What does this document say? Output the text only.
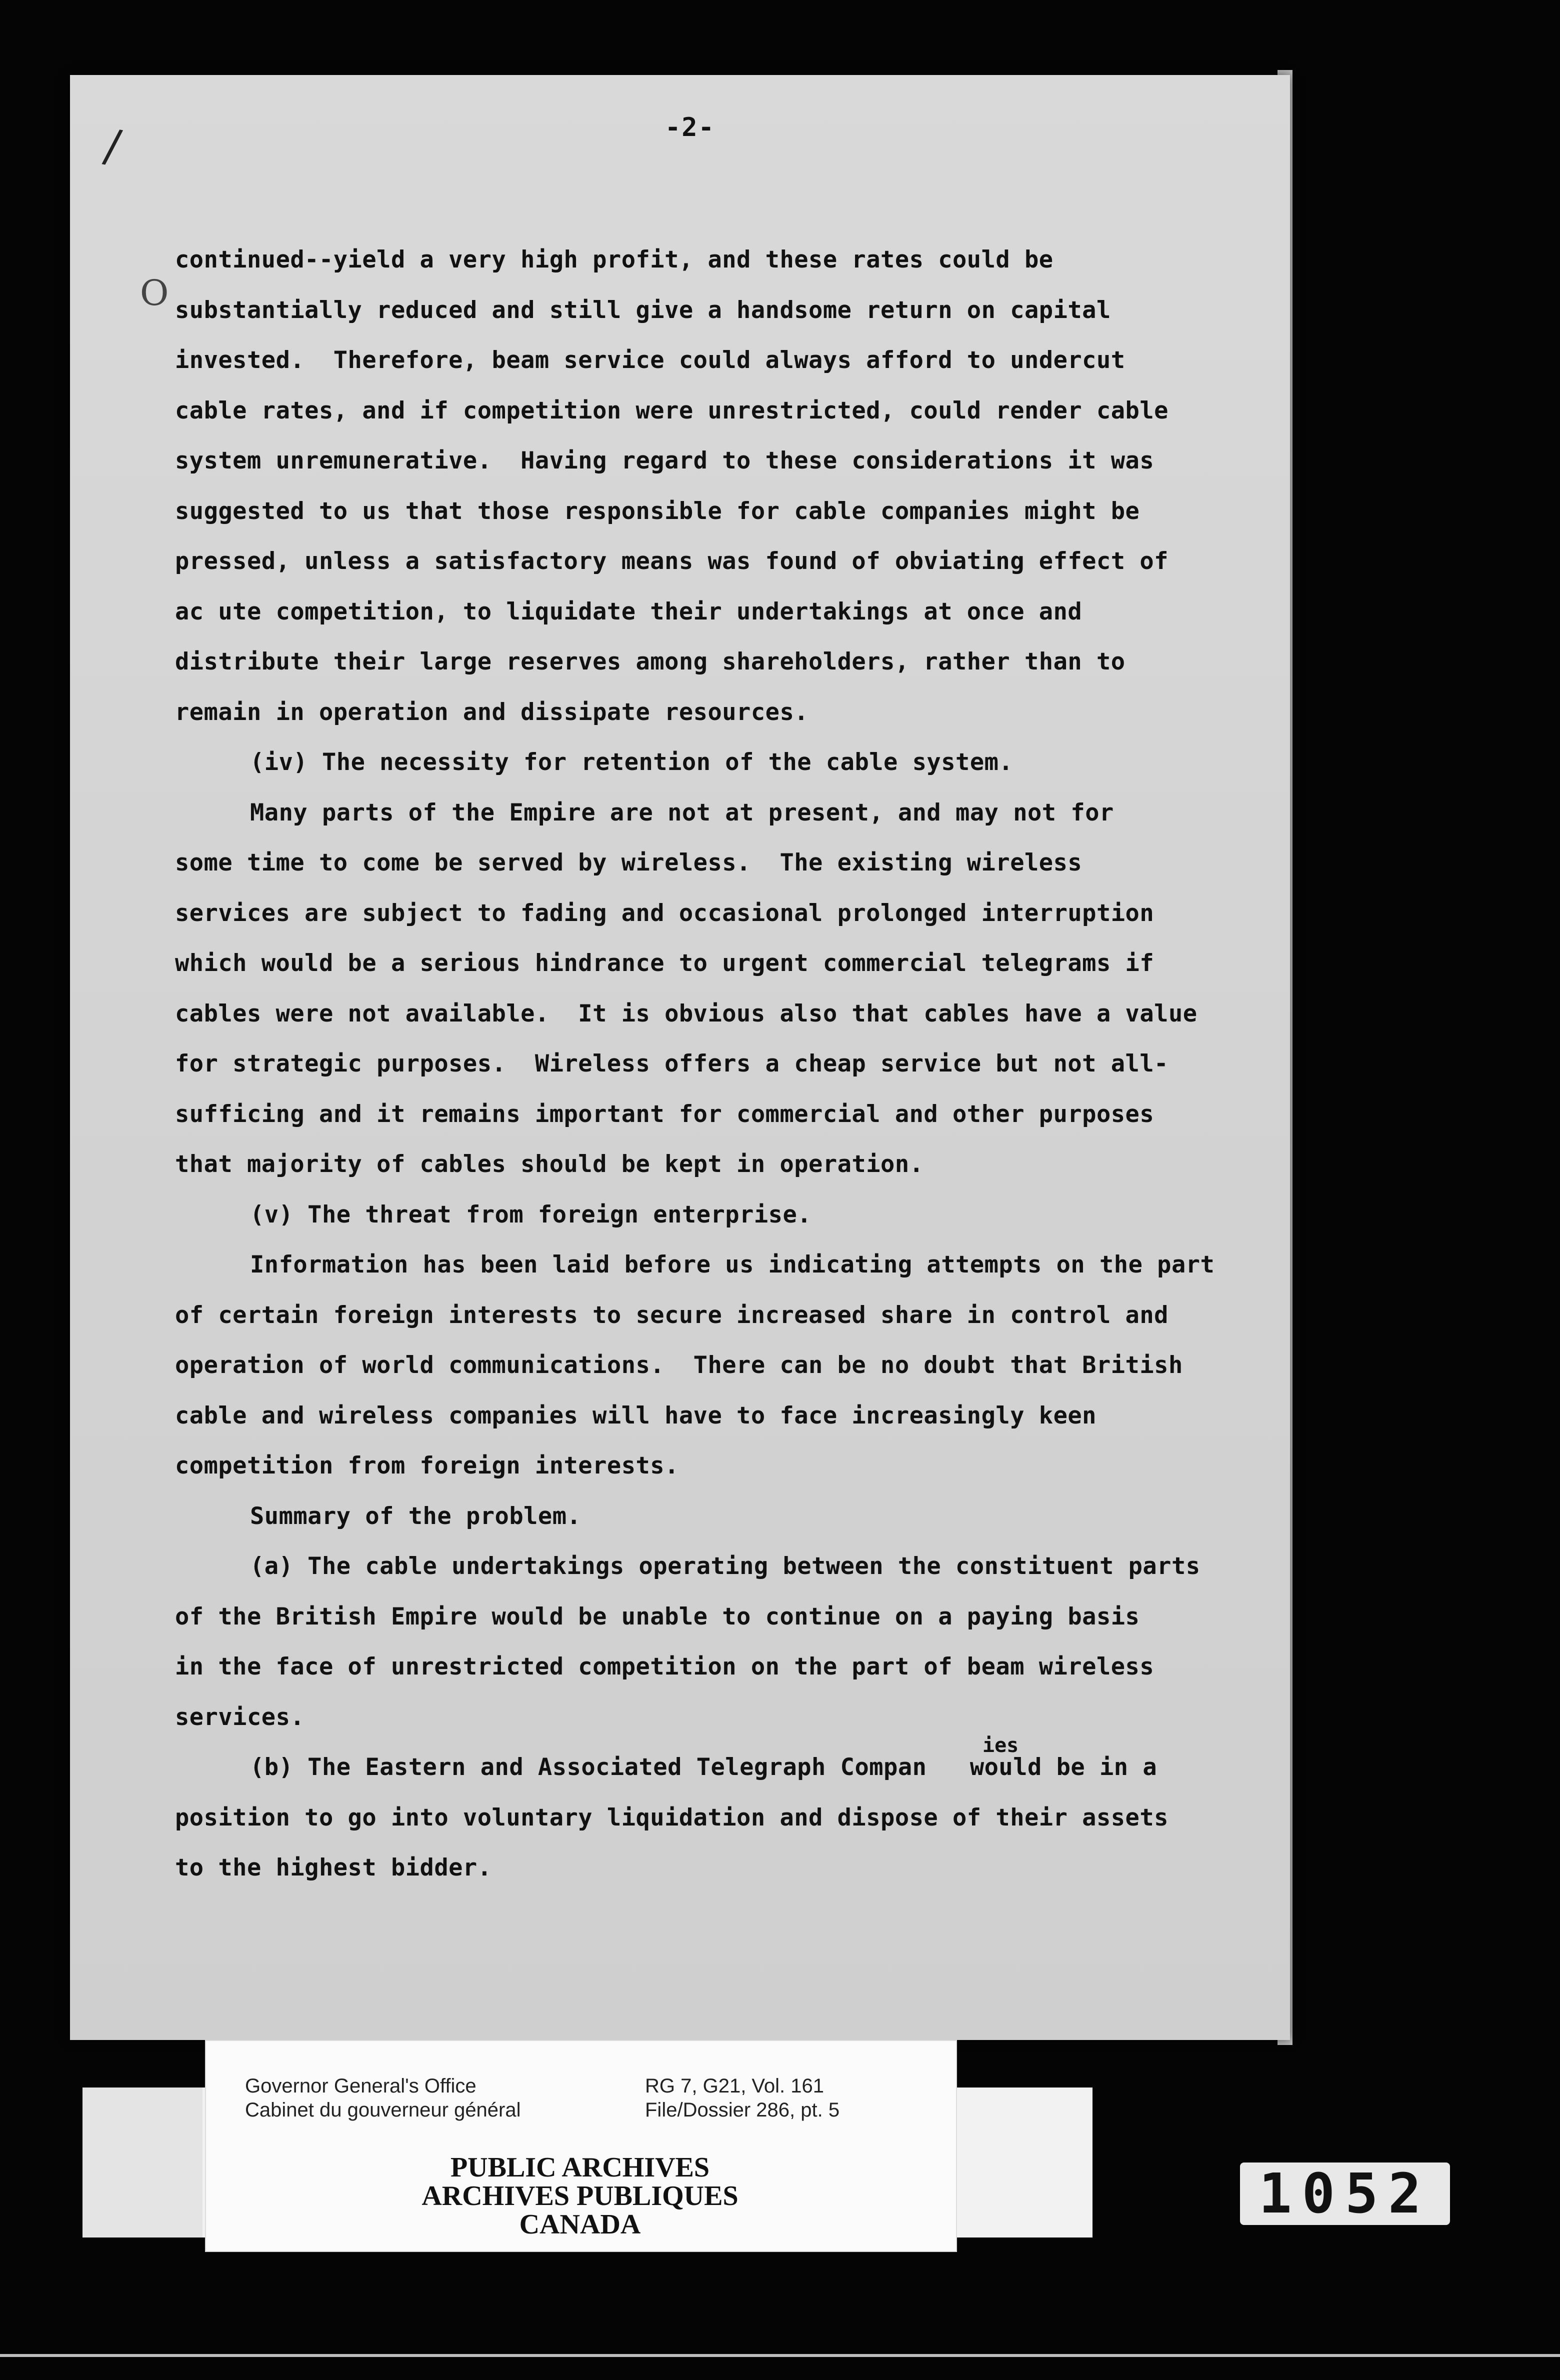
/
O
-2-
continued--yield a very high profit, and these rates could be
substantially reduced and still give a handsome return on capital
invested.  Therefore, beam service could always afford to undercut
cable rates, and if competition were unrestricted, could render cable
system unremunerative.  Having regard to these considerations it was
suggested to us that those responsible for cable companies might be
pressed, unless a satisfactory means was found of obviating effect of
ac ute competition, to liquidate their undertakings at once and
distribute their large reserves among shareholders, rather than to
remain in operation and dissipate resources.
(iv) The necessity for retention of the cable system.
Many parts of the Empire are not at present, and may not for
some time to come be served by wireless.  The existing wireless
services are subject to fading and occasional prolonged interruption
which would be a serious hindrance to urgent commercial telegrams if
cables were not available.  It is obvious also that cables have a value
for strategic purposes.  Wireless offers a cheap service but not all-
sufficing and it remains important for commercial and other purposes
that majority of cables should be kept in operation.
(v) The threat from foreign enterprise.
Information has been laid before us indicating attempts on the part
of certain foreign interests to secure increased share in control and
operation of world communications.  There can be no doubt that British
cable and wireless companies will have to face increasingly keen
competition from foreign interests.
Summary of the problem.
(a) The cable undertakings operating between the constituent parts
of the British Empire would be unable to continue on a paying basis
in the face of unrestricted competition on the part of beam wireless
services.
(b) The Eastern and Associated Telegraph Compan   would be in a
position to go into voluntary liquidation and dispose of their assets
to the highest bidder.
ies
Governor General's Office
Cabinet du gouverneur général
RG 7, G21, Vol. 161
File/Dossier 286, pt. 5
PUBLIC ARCHIVES
ARCHIVES PUBLIQUES
CANADA	1052
